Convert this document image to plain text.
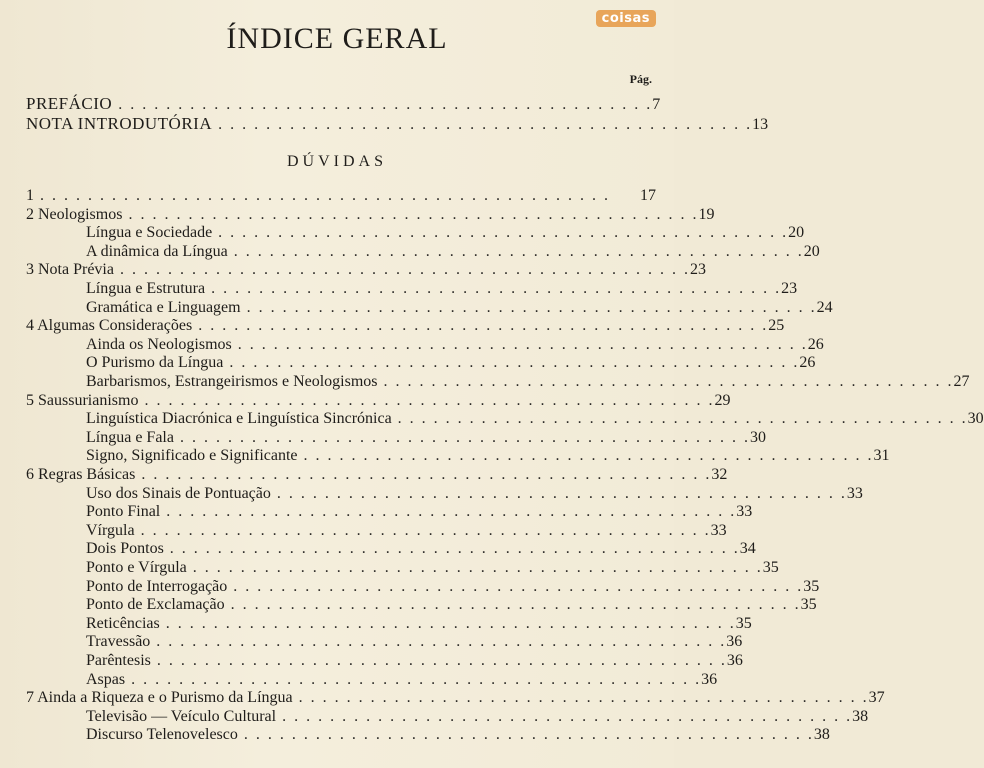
coisas
ÍNDICE GERAL
Pág.
PREFÁCIO . . . . . . . . . . . . . . . . . . . . . . . . . . . . . . . . . . . . . . . . . . . . . 7
NOTA INTRODUTÓRIA . . . . . . . . . . . . . . . . . . . . . . . . . . . . . . . . . . . . . . . . . . . . . 13
DÚVIDAS
1 . . . . . . . . . . . . . . . . . . . . . . . . . . . . . . . . . . . . . . . . . . . . . . . .	17
2 Neologismos . . . . . . . . . . . . . . . . . . . . . . . . . . . . . . . . . . . . . . . . . . . . . . . . 19
Língua e Sociedade . . . . . . . . . . . . . . . . . . . . . . . . . . . . . . . . . . . . . . . . . . . . . . . . 20
A dinâmica da Língua . . . . . . . . . . . . . . . . . . . . . . . . . . . . . . . . . . . . . . . . . . . . . . . . 20
3 Nota Prévia . . . . . . . . . . . . . . . . . . . . . . . . . . . . . . . . . . . . . . . . . . . . . . . . 23
Língua e Estrutura . . . . . . . . . . . . . . . . . . . . . . . . . . . . . . . . . . . . . . . . . . . . . . . . 23
Gramática e Linguagem . . . . . . . . . . . . . . . . . . . . . . . . . . . . . . . . . . . . . . . . . . . . . . . . 24
4 Algumas Considerações . . . . . . . . . . . . . . . . . . . . . . . . . . . . . . . . . . . . . . . . . . . . . . . . 25
Ainda os Neologismos . . . . . . . . . . . . . . . . . . . . . . . . . . . . . . . . . . . . . . . . . . . . . . . . 26
O Purismo da Língua . . . . . . . . . . . . . . . . . . . . . . . . . . . . . . . . . . . . . . . . . . . . . . . . 26
Barbarismos, Estrangeirismos e Neologismos . . . . . . . . . . . . . . . . . . . . . . . . . . . . . . . . . . . . . . . . . . . . . . . . 27
5 Saussurianismo . . . . . . . . . . . . . . . . . . . . . . . . . . . . . . . . . . . . . . . . . . . . . . . . 29
Linguística Diacrónica e Linguística Sincrónica . . . . . . . . . . . . . . . . . . . . . . . . . . . . . . . . . . . . . . . . . . . . . . . . 30
Língua e Fala . . . . . . . . . . . . . . . . . . . . . . . . . . . . . . . . . . . . . . . . . . . . . . . . 30
Signo, Significado e Significante . . . . . . . . . . . . . . . . . . . . . . . . . . . . . . . . . . . . . . . . . . . . . . . . 31
6 Regras Básicas . . . . . . . . . . . . . . . . . . . . . . . . . . . . . . . . . . . . . . . . . . . . . . . . 32
Uso dos Sinais de Pontuação . . . . . . . . . . . . . . . . . . . . . . . . . . . . . . . . . . . . . . . . . . . . . . . . 33
Ponto Final . . . . . . . . . . . . . . . . . . . . . . . . . . . . . . . . . . . . . . . . . . . . . . . . 33
Vírgula . . . . . . . . . . . . . . . . . . . . . . . . . . . . . . . . . . . . . . . . . . . . . . . . 33
Dois Pontos . . . . . . . . . . . . . . . . . . . . . . . . . . . . . . . . . . . . . . . . . . . . . . . . 34
Ponto e Vírgula . . . . . . . . . . . . . . . . . . . . . . . . . . . . . . . . . . . . . . . . . . . . . . . . 35
Ponto de Interrogação . . . . . . . . . . . . . . . . . . . . . . . . . . . . . . . . . . . . . . . . . . . . . . . . 35
Ponto de Exclamação . . . . . . . . . . . . . . . . . . . . . . . . . . . . . . . . . . . . . . . . . . . . . . . . 35
Reticências . . . . . . . . . . . . . . . . . . . . . . . . . . . . . . . . . . . . . . . . . . . . . . . . 35
Travessão . . . . . . . . . . . . . . . . . . . . . . . . . . . . . . . . . . . . . . . . . . . . . . . . 36
Parêntesis . . . . . . . . . . . . . . . . . . . . . . . . . . . . . . . . . . . . . . . . . . . . . . . . 36
Aspas . . . . . . . . . . . . . . . . . . . . . . . . . . . . . . . . . . . . . . . . . . . . . . . . 36
7 Ainda a Riqueza e o Purismo da Língua . . . . . . . . . . . . . . . . . . . . . . . . . . . . . . . . . . . . . . . . . . . . . . . . 37
Televisão — Veículo Cultural . . . . . . . . . . . . . . . . . . . . . . . . . . . . . . . . . . . . . . . . . . . . . . . . 38
Discurso Telenovelesco . . . . . . . . . . . . . . . . . . . . . . . . . . . . . . . . . . . . . . . . . . . . . . . . 38
